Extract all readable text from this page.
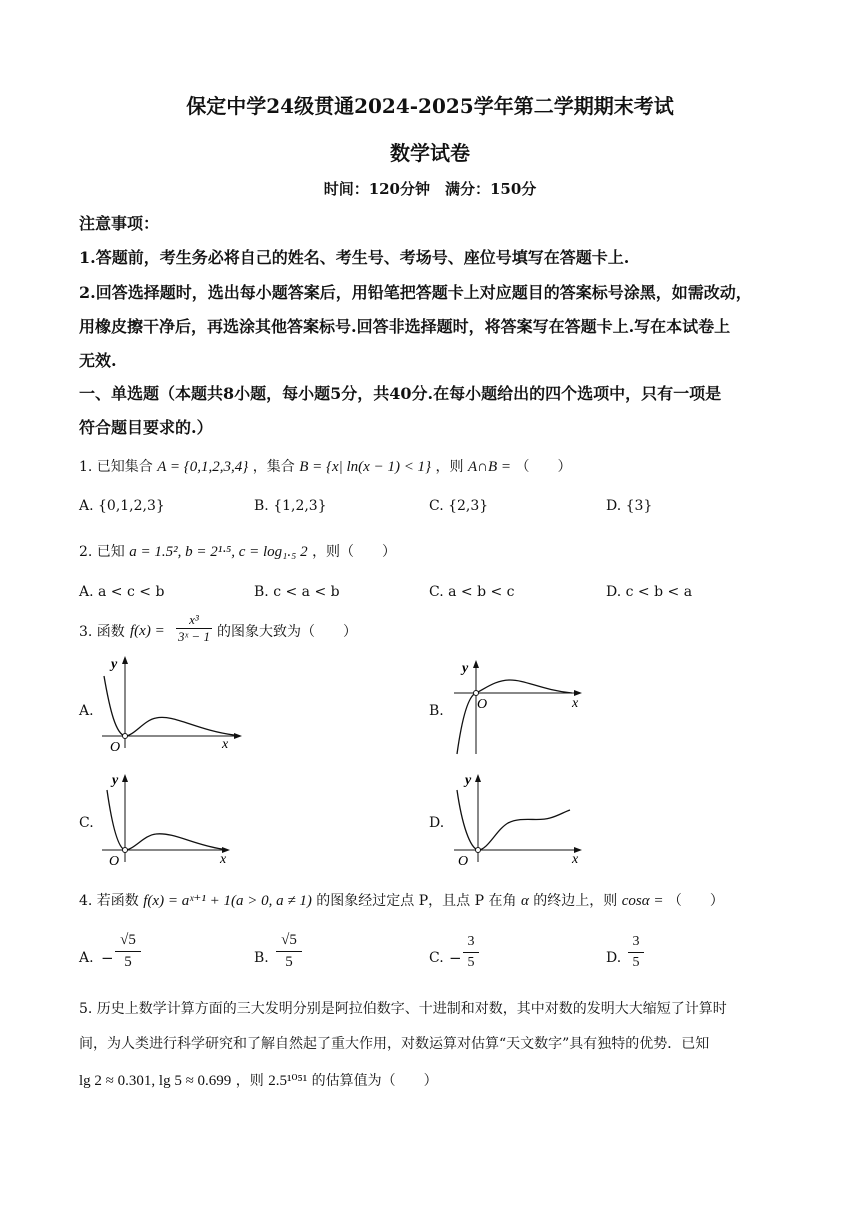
保定中学24级贯通2024-2025学年第二学期期末考试
数学试卷
时间：120分钟　满分：150分
注意事项：
1.答题前，考生务必将自己的姓名、考生号、考场号、座位号填写在答题卡上.
2.回答选择题时，选出每小题答案后，用铅笔把答题卡上对应题目的答案标号涂黑，如需改动，
用橡皮擦干净后，再选涂其他答案标号.回答非选择题时，将答案写在答题卡上.写在本试卷上
无效.
一、单选题（本题共8小题，每小题5分，共40分.在每小题给出的四个选项中，只有一项是
符合题目要求的.）
1. 已知集合 A = {0,1,2,3,4} ，集合 B = {x| ln(x − 1) < 1} ，则 A∩B = （　　）
A. {0,1,2,3}	B. {1,2,3}	C. {2,3}	D. {3}
2. 已知 a = 1.5², b = 2¹·⁵, c = log₁.₅ 2 ，则（　　）
A. a < c < b	B. c < a < b	C. a < b < c	D. c < b < a
3. 函数 f(x) =
x³
3ˣ − 1 的图象大致为（　　）
A.	B.
C.	D.
y
x
O
y
x
O
y
x
O
y
x
O
4. 若函数 f(x) = aˣ⁺¹ + 1(a > 0, a ≠ 1) 的图象经过定点 P，且点 P 在角 α 的终边上，则 cosα = （　　）
A. −
√5
5	B.
√5
5	C. −
3
5	D.
3
5
5. 历史上数学计算方面的三大发明分别是阿拉伯数字、十进制和对数，其中对数的发明大大缩短了计算时
间，为人类进行科学研究和了解自然起了重大作用，对数运算对估算“天文数字”具有独特的优势．已知
lg 2 ≈ 0.301, lg 5 ≈ 0.699 ，则 2.5¹⁰⁵¹ 的估算值为（　　）
